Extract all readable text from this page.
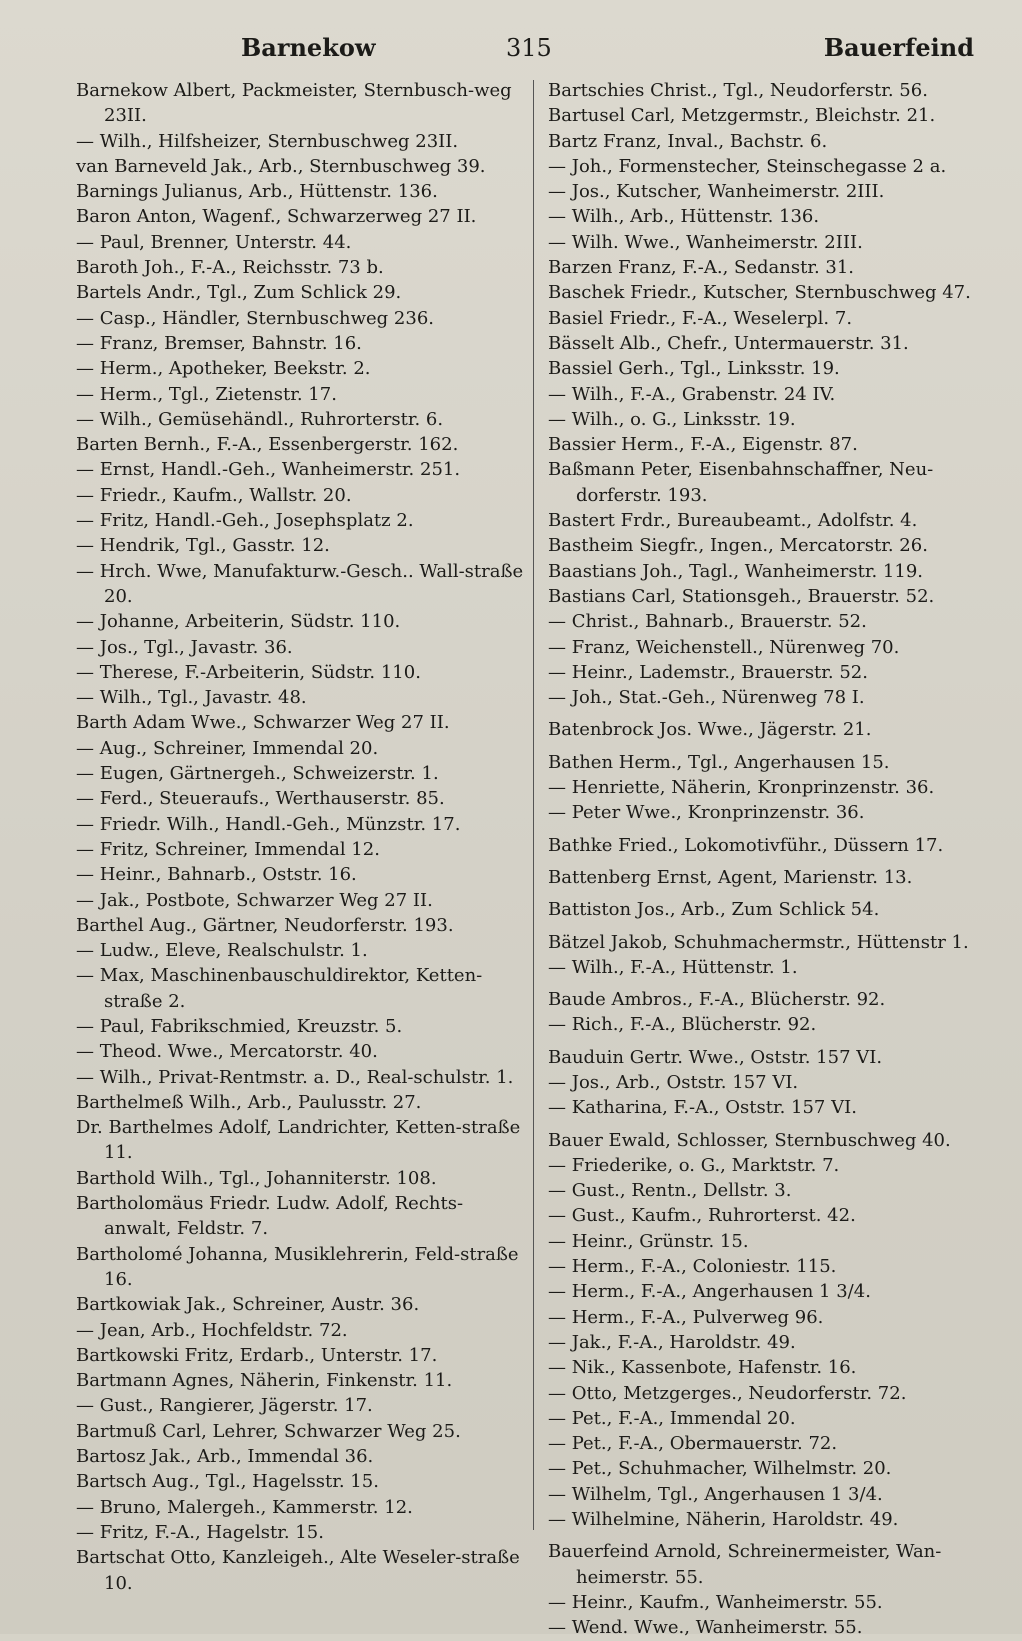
Barnekow	315	Bauerfeind
Barnekow Albert, Packmeister, Sternbusch-weg 23II.
— Wilh., Hilfsheizer, Sternbuschweg 23II.
van Barneveld Jak., Arb., Sternbuschweg 39.
Barnings Julianus, Arb., Hüttenstr. 136.
Baron Anton, Wagenf., Schwarzerweg 27 II.
— Paul, Brenner, Unterstr. 44.
Baroth Joh., F.-A., Reichsstr. 73 b.
Bartels Andr., Tgl., Zum Schlick 29.
— Casp., Händler, Sternbuschweg 236.
— Franz, Bremser, Bahnstr. 16.
— Herm., Apotheker, Beekstr. 2.
— Herm., Tgl., Zietenstr. 17.
— Wilh., Gemüsehändl., Ruhrorterstr. 6.
Barten Bernh., F.-A., Essenbergerstr. 162.
— Ernst, Handl.-Geh., Wanheimerstr. 251.
— Friedr., Kaufm., Wallstr. 20.
— Fritz, Handl.-Geh., Josephsplatz 2.
— Hendrik, Tgl., Gasstr. 12.
— Hrch. Wwe, Manufakturw.-Gesch.. Wall-straße 20.
— Johanne, Arbeiterin, Südstr. 110.
— Jos., Tgl., Javastr. 36.
— Therese, F.-Arbeiterin, Südstr. 110.
— Wilh., Tgl., Javastr. 48.
Barth Adam Wwe., Schwarzer Weg 27 II.
— Aug., Schreiner, Immendal 20.
— Eugen, Gärtnergeh., Schweizerstr. 1.
— Ferd., Steueraufs., Werthauserstr. 85.
— Friedr. Wilh., Handl.-Geh., Münzstr. 17.
— Fritz, Schreiner, Immendal 12.
— Heinr., Bahnarb., Oststr. 16.
— Jak., Postbote, Schwarzer Weg 27 II.
Barthel Aug., Gärtner, Neudorferstr. 193.
— Ludw., Eleve, Realschulstr. 1.
— Max, Maschinenbauschuldirektor, Ketten-straße 2.
— Paul, Fabrikschmied, Kreuzstr. 5.
— Theod. Wwe., Mercatorstr. 40.
— Wilh., Privat-Rentmstr. a. D., Real-schulstr. 1.
Barthelmeß Wilh., Arb., Paulusstr. 27.
Dr. Barthelmes Adolf, Landrichter, Ketten-straße 11.
Barthold Wilh., Tgl., Johanniterstr. 108.
Bartholomäus Friedr. Ludw. Adolf, Rechts-anwalt, Feldstr. 7.
Bartholomé Johanna, Musiklehrerin, Feld-straße 16.
Bartkowiak Jak., Schreiner, Austr. 36.
— Jean, Arb., Hochfeldstr. 72.
Bartkowski Fritz, Erdarb., Unterstr. 17.
Bartmann Agnes, Näherin, Finkenstr. 11.
— Gust., Rangierer, Jägerstr. 17.
Bartmuß Carl, Lehrer, Schwarzer Weg 25.
Bartosz Jak., Arb., Immendal 36.
Bartsch Aug., Tgl., Hagelsstr. 15.
— Bruno, Malergeh., Kammerstr. 12.
— Fritz, F.-A., Hagelstr. 15.
Bartschat Otto, Kanzleigeh., Alte Weseler-straße 10.
Bartschies Christ., Tgl., Neudorferstr. 56.
Bartusel Carl, Metzgermstr., Bleichstr. 21.
Bartz Franz, Inval., Bachstr. 6.
— Joh., Formenstecher, Steinschegasse 2 a.
— Jos., Kutscher, Wanheimerstr. 2III.
— Wilh., Arb., Hüttenstr. 136.
— Wilh. Wwe., Wanheimerstr. 2III.
Barzen Franz, F.-A., Sedanstr. 31.
Baschek Friedr., Kutscher, Sternbuschweg 47.
Basiel Friedr., F.-A., Weselerpl. 7.
Bässelt Alb., Chefr., Untermauerstr. 31.
Bassiel Gerh., Tgl., Linksstr. 19.
— Wilh., F.-A., Grabenstr. 24 IV.
— Wilh., o. G., Linksstr. 19.
Bassier Herm., F.-A., Eigenstr. 87.
Baßmann Peter, Eisenbahnschaffner, Neu-dorferstr. 193.
Bastert Frdr., Bureaubeamt., Adolfstr. 4.
Bastheim Siegfr., Ingen., Mercatorstr. 26.
Baastians Joh., Tagl., Wanheimerstr. 119.
Bastians Carl, Stationsgeh., Brauerstr. 52.
— Christ., Bahnarb., Brauerstr. 52.
— Franz, Weichenstell., Nürenweg 70.
— Heinr., Lademstr., Brauerstr. 52.
— Joh., Stat.-Geh., Nürenweg 78 I.
Batenbrock Jos. Wwe., Jägerstr. 21.
Bathen Herm., Tgl., Angerhausen 15.
— Henriette, Näherin, Kronprinzenstr. 36.
— Peter Wwe., Kronprinzenstr. 36.
Bathke Fried., Lokomotivführ., Düssern 17.
Battenberg Ernst, Agent, Marienstr. 13.
Battiston Jos., Arb., Zum Schlick 54.
Bätzel Jakob, Schuhmachermstr., Hüttenstr 1.
— Wilh., F.-A., Hüttenstr. 1.
Baude Ambros., F.-A., Blücherstr. 92.
— Rich., F.-A., Blücherstr. 92.
Bauduin Gertr. Wwe., Oststr. 157 VI.
— Jos., Arb., Oststr. 157 VI.
— Katharina, F.-A., Oststr. 157 VI.
Bauer Ewald, Schlosser, Sternbuschweg 40.
— Friederike, o. G., Marktstr. 7.
— Gust., Rentn., Dellstr. 3.
— Gust., Kaufm., Ruhrorterst. 42.
— Heinr., Grünstr. 15.
— Herm., F.-A., Coloniestr. 115.
— Herm., F.-A., Angerhausen 1 3/4.
— Herm., F.-A., Pulverweg 96.
— Jak., F.-A., Haroldstr. 49.
— Nik., Kassenbote, Hafenstr. 16.
— Otto, Metzgerges., Neudorferstr. 72.
— Pet., F.-A., Immendal 20.
— Pet., F.-A., Obermauerstr. 72.
— Pet., Schuhmacher, Wilhelmstr. 20.
— Wilhelm, Tgl., Angerhausen 1 3/4.
— Wilhelmine, Näherin, Haroldstr. 49.
Bauerfeind Arnold, Schreinermeister, Wan-heimerstr. 55.
— Heinr., Kaufm., Wanheimerstr. 55.
— Wend. Wwe., Wanheimerstr. 55.
